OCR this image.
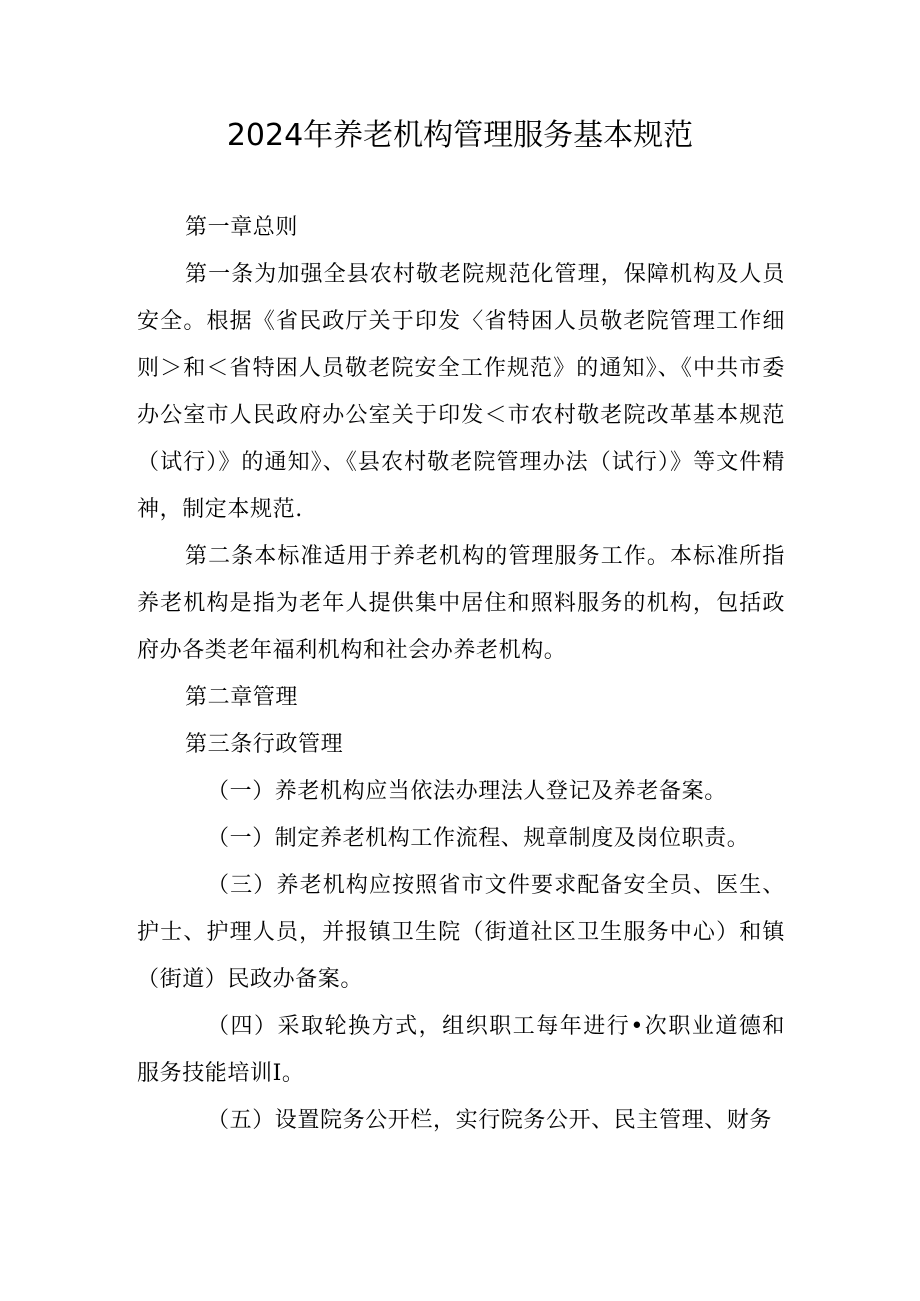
2024年养老机构管理服务基本规范

第一章总则

第一条为加强全县农村敬老院规范化管理，保障机构及人员安全。根据《省民政厅关于印发〈省特困人员敬老院管理工作细则＞和＜省特困人员敬老院安全工作规范》的通知》、《中共市委办公室市人民政府办公室关于印发＜市农村敬老院改革基本规范（试行）》的通知》、《县农村敬老院管理办法（试行）》等文件精神，制定本规范.

第二条本标准适用于养老机构的管理服务工作。本标准所指养老机构是指为老年人提供集中居住和照料服务的机构，包括政府办各类老年福利机构和社会办养老机构。

第二章管理

第三条行政管理

（一）养老机构应当依法办理法人登记及养老备案。

（一）制定养老机构工作流程、规章制度及岗位职责。

（三）养老机构应按照省市文件要求配备安全员、医生、护士、护理人员，并报镇卫生院（街道社区卫生服务中心）和镇（街道）民政办备案。

（四）采取轮换方式，组织职工每年进行•次职业道德和服务技能培训I。

（五）设置院务公开栏，实行院务公开、民主管理、财务
